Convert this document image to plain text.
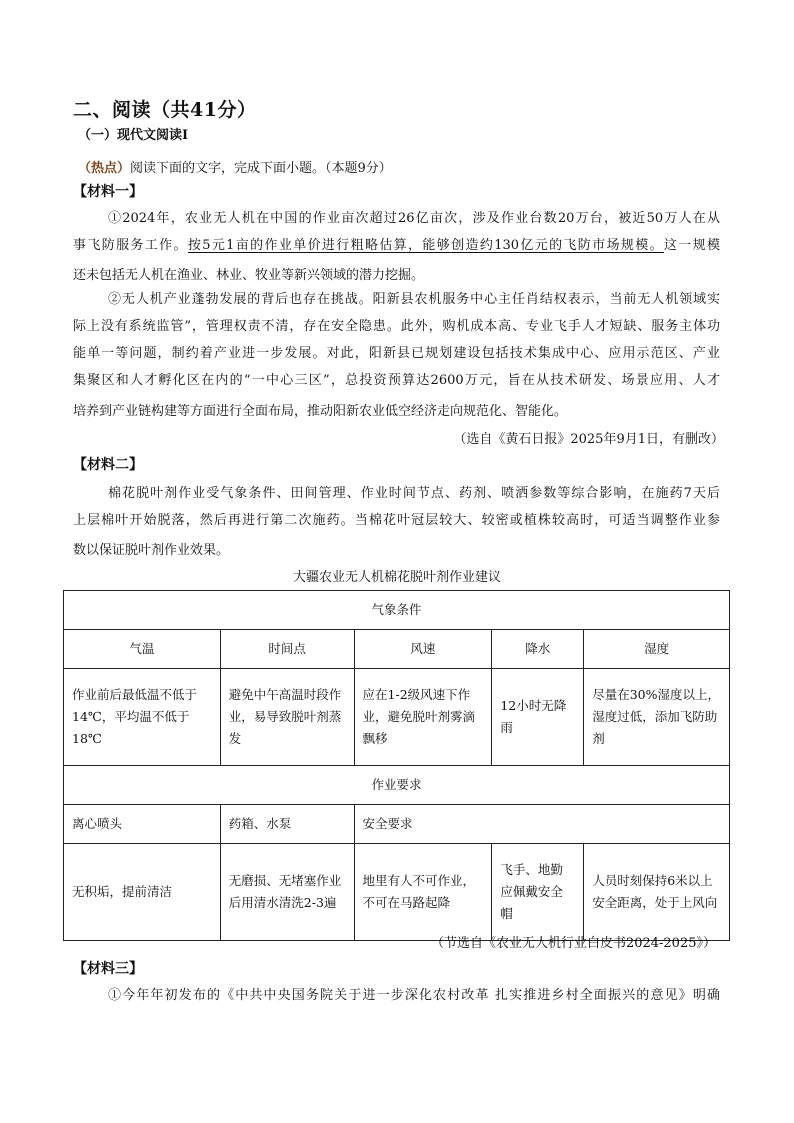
二、阅读（共41分）
（一）现代文阅读Ⅰ
（热点）阅读下面的文字，完成下面小题。（本题9分）
【材料一】
①2024年，农业无人机在中国的作业亩次超过26亿亩次，涉及作业台数20万台，被近50万人在从
事飞防服务工作。按5元1亩的作业单价进行粗略估算，能够创造约130亿元的飞防市场规模。这一规模
还未包括无人机在渔业、林业、牧业等新兴领域的潜力挖掘。
②无人机产业蓬勃发展的背后也存在挑战。阳新县农机服务中心主任肖结权表示，当前无人机领域实
际上没有系统监管”，管理权责不清，存在安全隐患。此外，购机成本高、专业飞手人才短缺、服务主体功
能单一等问题，制约着产业进一步发展。对此，阳新县已规划建设包括技术集成中心、应用示范区、产业
集聚区和人才孵化区在内的“一中心三区”，总投资预算达2600万元，旨在从技术研发、场景应用、人才
培养到产业链构建等方面进行全面布局，推动阳新农业低空经济走向规范化、智能化。
（选自《黄石日报》2025年9月1日，有删改）
【材料二】
棉花脱叶剂作业受气象条件、田间管理、作业时间节点、药剂、喷洒参数等综合影响，在施药7天后
上层棉叶开始脱落，然后再进行第二次施药。当棉花叶冠层较大、较密或植株较高时，可适当调整作业参
数以保证脱叶剂作业效果。
大疆农业无人机棉花脱叶剂作业建议
气象条件				
气温	时间点	风速	降水	湿度
作业前后最低温不低于14℃，平均温不低于18℃	避免中午高温时段作业，易导致脱叶剂蒸发	应在1-2级风速下作业，避免脱叶剂雾滴飘移	12小时无降雨	尽量在30%湿度以上，湿度过低，添加飞防助剂
作业要求				
离心喷头	药箱、水泵	安全要求		
无积垢，提前清洁	无磨损、无堵塞作业后用清水清洗2-3遍	地里有人不可作业，不可在马路起降	飞手、地勤应佩戴安全帽	人员时刻保持6米以上安全距离，处于上风向
（节选自《农业无人机行业白皮书2024-2025》）
【材料三】
①今年年初发布的《中共中央国务院关于进一步深化农村改革 扎实推进乡村全面振兴的意见》明确
